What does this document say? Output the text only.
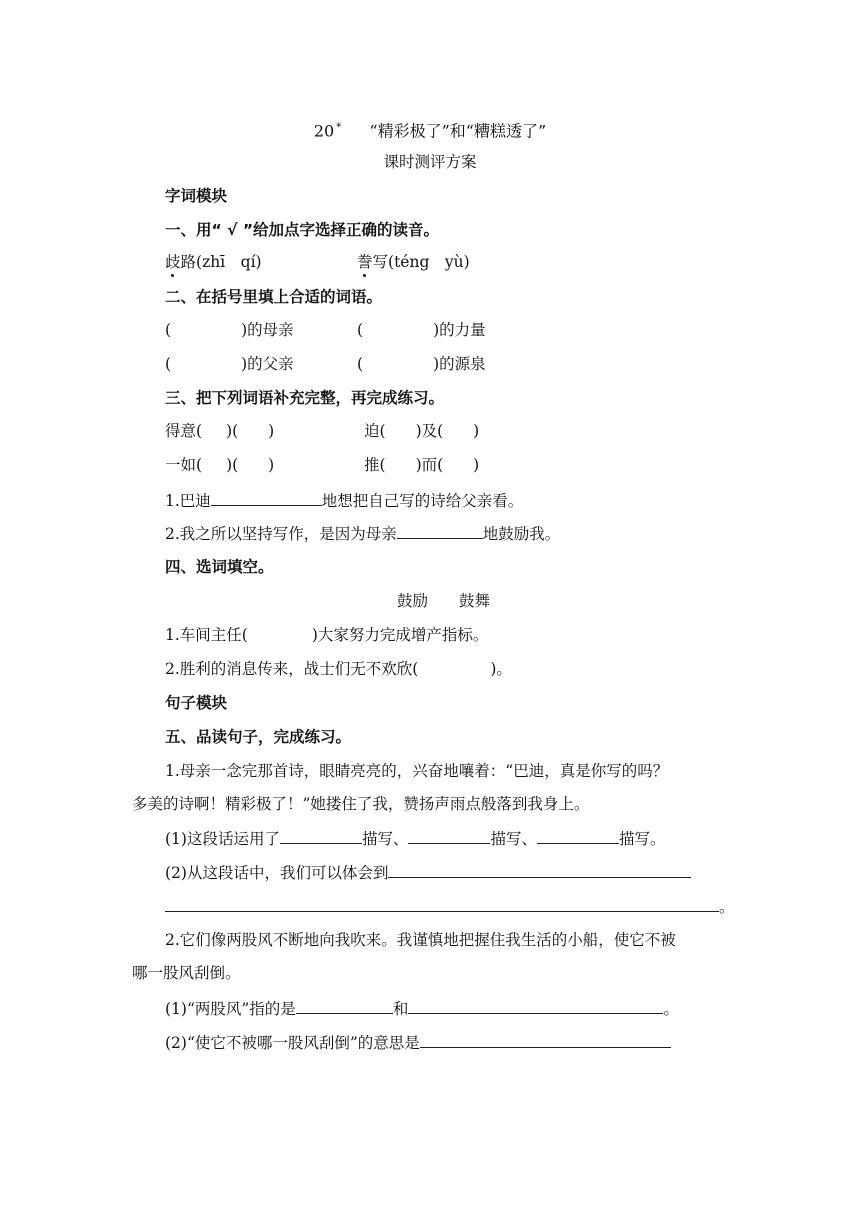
20 * “精彩极了”和“糟糕透了”
课时测评方案
字词模块
一、用“ √ ”给加点字选择正确的读音。
歧路(zhī　qí)	誊写(téng　yù)
二、在括号里填上合适的词语。
(	)的母亲	(	)的力量
(	)的父亲	(	)的源泉
三、把下列词语补充完整，再完成练习。
得意( )( )	迫( )及( )
一如( )( )	推( )而( )
1.巴迪	地想把自己写的诗给父亲看。
2.我之所以坚持写作，是因为母亲	地鼓励我。
四、选词填空。
鼓励　　鼓舞
1.车间主任(	)大家努力完成增产指标。
2.胜利的消息传来，战士们无不欢欣(	)。
句子模块
五、品读句子，完成练习。
1.母亲一念完那首诗，眼睛亮亮的，兴奋地嚷着：“巴迪，真是你写的吗？
多美的诗啊！精彩极了！”她搂住了我，赞扬声雨点般落到我身上。
(1)这段话运用了	描写、	描写、	描写。
(2)从这段话中，我们可以体会到
。
2.它们像两股风不断地向我吹来。我谨慎地把握住我生活的小船，使它不被
哪一股风刮倒。
(1)“两股风”指的是	和	。
(2)“使它不被哪一股风刮倒”的意思是
